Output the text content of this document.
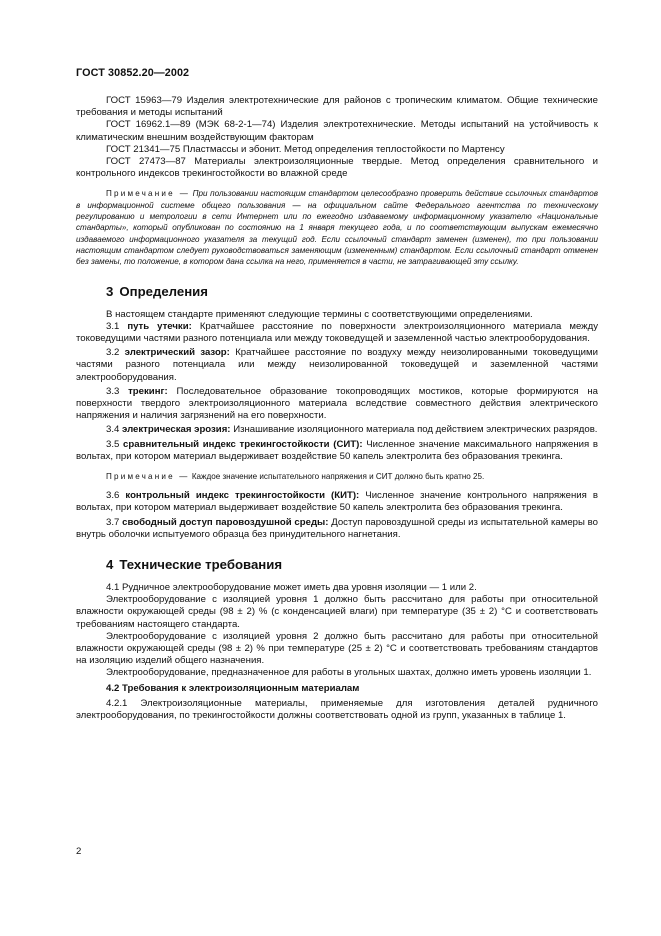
ГОСТ 30852.20—2002

ГОСТ 15963—79 Изделия электротехнические для районов с тропическим климатом. Общие технические требования и методы испытаний

ГОСТ 16962.1—89 (МЭК 68-2-1—74) Изделия электротехнические. Методы испытаний на устойчивость к климатическим внешним воздействующим факторам

ГОСТ 21341—75 Пластмассы и эбонит. Метод определения теплостойкости по Мартенсу

ГОСТ 27473—87 Материалы электроизоляционные твердые. Метод определения сравнительного и контрольного индексов трекингостойкости во влажной среде

Примечание — При пользовании настоящим стандартом целесообразно проверить действие ссылочных стандартов в информационной системе общего пользования — на официальном сайте Федерального агентства по техническому регулированию и метрологии в сети Интернет или по ежегодно издаваемому информационному указателю «Национальные стандарты», который опубликован по состоянию на 1 января текущего года, и по соответствующим выпускам ежемесячно издаваемого информационного указателя за текущий год. Если ссылочный стандарт заменен (изменен), то при пользовании настоящим стандартом следует руководствоваться заменяющим (измененным) стандартом. Если ссылочный стандарт отменен без замены, то положение, в котором дана ссылка на него, применяется в части, не затрагивающей эту ссылку.

3 Определения

В настоящем стандарте применяют следующие термины с соответствующими определениями.

3.1 путь утечки: Кратчайшее расстояние по поверхности электроизоляционного материала между токоведущими частями разного потенциала или между токоведущей и заземленной частью электрооборудования.

3.2 электрический зазор: Кратчайшее расстояние по воздуху между неизолированными токоведущими частями разного потенциала или между неизолированной токоведущей и заземленной частями электрооборудования.

3.3 трекинг: Последовательное образование токопроводящих мостиков, которые формируются на поверхности твердого электроизоляционного материала вследствие совместного действия электрического напряжения и наличия загрязнений на его поверхности.

3.4 электрическая эрозия: Изнашивание изоляционного материала под действием электрических разрядов.

3.5 сравнительный индекс трекингостойкости (СИТ): Численное значение максимального напряжения в вольтах, при котором материал выдерживает воздействие 50 капель электролита без образования трекинга.

Примечание — Каждое значение испытательного напряжения и СИТ должно быть кратно 25.

3.6 контрольный индекс трекингостойкости (КИТ): Численное значение контрольного напряжения в вольтах, при котором материал выдерживает воздействие 50 капель электролита без образования трекинга.

3.7 свободный доступ паровоздушной среды: Доступ паровоздушной среды из испытательной камеры во внутрь оболочки испытуемого образца без принудительного нагнетания.

4 Технические требования

4.1 Рудничное электрооборудование может иметь два уровня изоляции — 1 или 2.

Электрооборудование с изоляцией уровня 1 должно быть рассчитано для работы при относительной влажности окружающей среды (98 ± 2) % (с конденсацией влаги) при температуре (35 ± 2) °С и соответствовать требованиям настоящего стандарта.

Электрооборудование с изоляцией уровня 2 должно быть рассчитано для работы при относительной влажности окружающей среды (98 ± 2) % при температуре (25 ± 2) °С и соответствовать требованиям стандартов на изоляцию изделий общего назначения.

Электрооборудование, предназначенное для работы в угольных шахтах, должно иметь уровень изоляции 1.

4.2 Требования к электроизоляционным материалам

4.2.1 Электроизоляционные материалы, применяемые для изготовления деталей рудничного электрооборудования, по трекингостойкости должны соответствовать одной из групп, указанных в таблице 1.

2
